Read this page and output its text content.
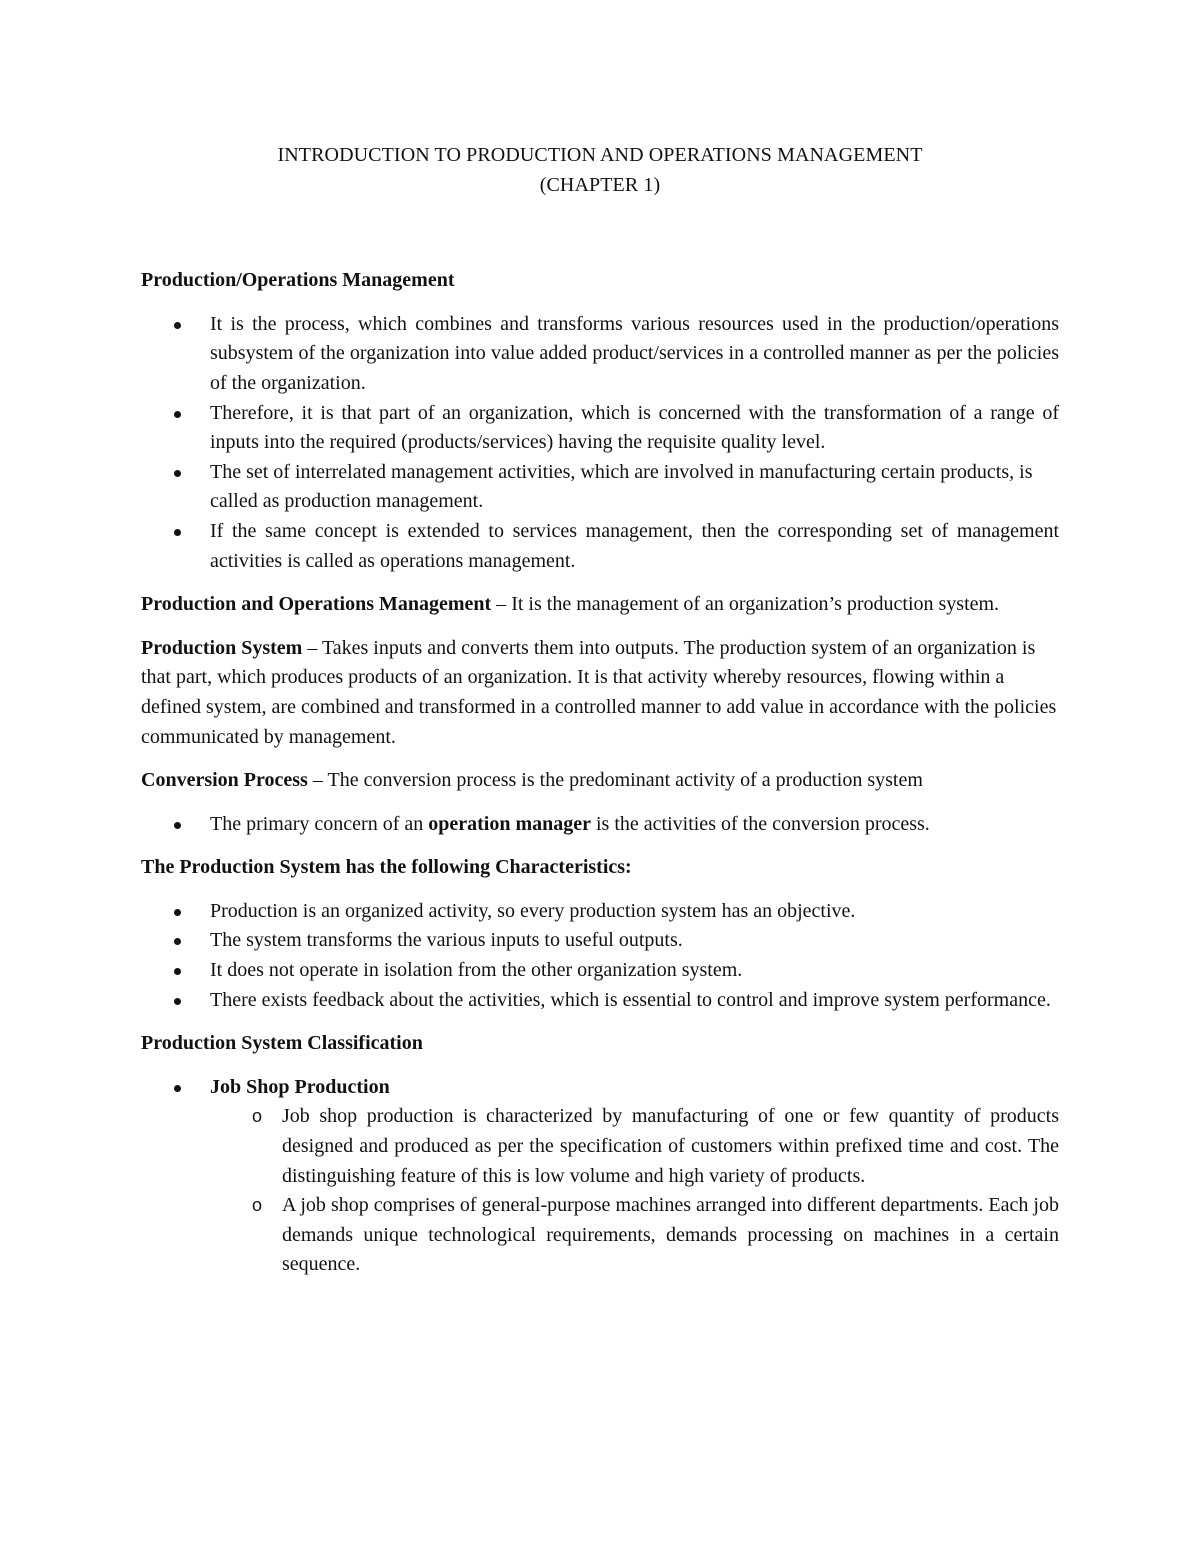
INTRODUCTION TO PRODUCTION AND OPERATIONS MANAGEMENT

(CHAPTER 1)

Production/Operations Management

It is the process, which combines and transforms various resources used in the production/operations subsystem of the organization into value added product/services in a controlled manner as per the policies of the organization.
Therefore, it is that part of an organization, which is concerned with the transformation of a range of inputs into the required (products/services) having the requisite quality level.
The set of interrelated management activities, which are involved in manufacturing certain products, is called as production management.
If the same concept is extended to services management, then the corresponding set of management activities is called as operations management.

Production and Operations Management – It is the management of an organization’s production system.

Production System – Takes inputs and converts them into outputs. The production system of an organization is that part, which produces products of an organization. It is that activity whereby resources, flowing within a defined system, are combined and transformed in a controlled manner to add value in accordance with the policies communicated by management.

Conversion Process – The conversion process is the predominant activity of a production system

The primary concern of an operation manager is the activities of the conversion process.

The Production System has the following Characteristics:

Production is an organized activity, so every production system has an objective.
The system transforms the various inputs to useful outputs.
It does not operate in isolation from the other organization system.
There exists feedback about the activities, which is essential to control and improve system performance.

Production System Classification

Job Shop Production
o Job shop production is characterized by manufacturing of one or few quantity of products designed and produced as per the specification of customers within prefixed time and cost. The distinguishing feature of this is low volume and high variety of products.
o A job shop comprises of general-purpose machines arranged into different departments. Each job demands unique technological requirements, demands processing on machines in a certain sequence.
